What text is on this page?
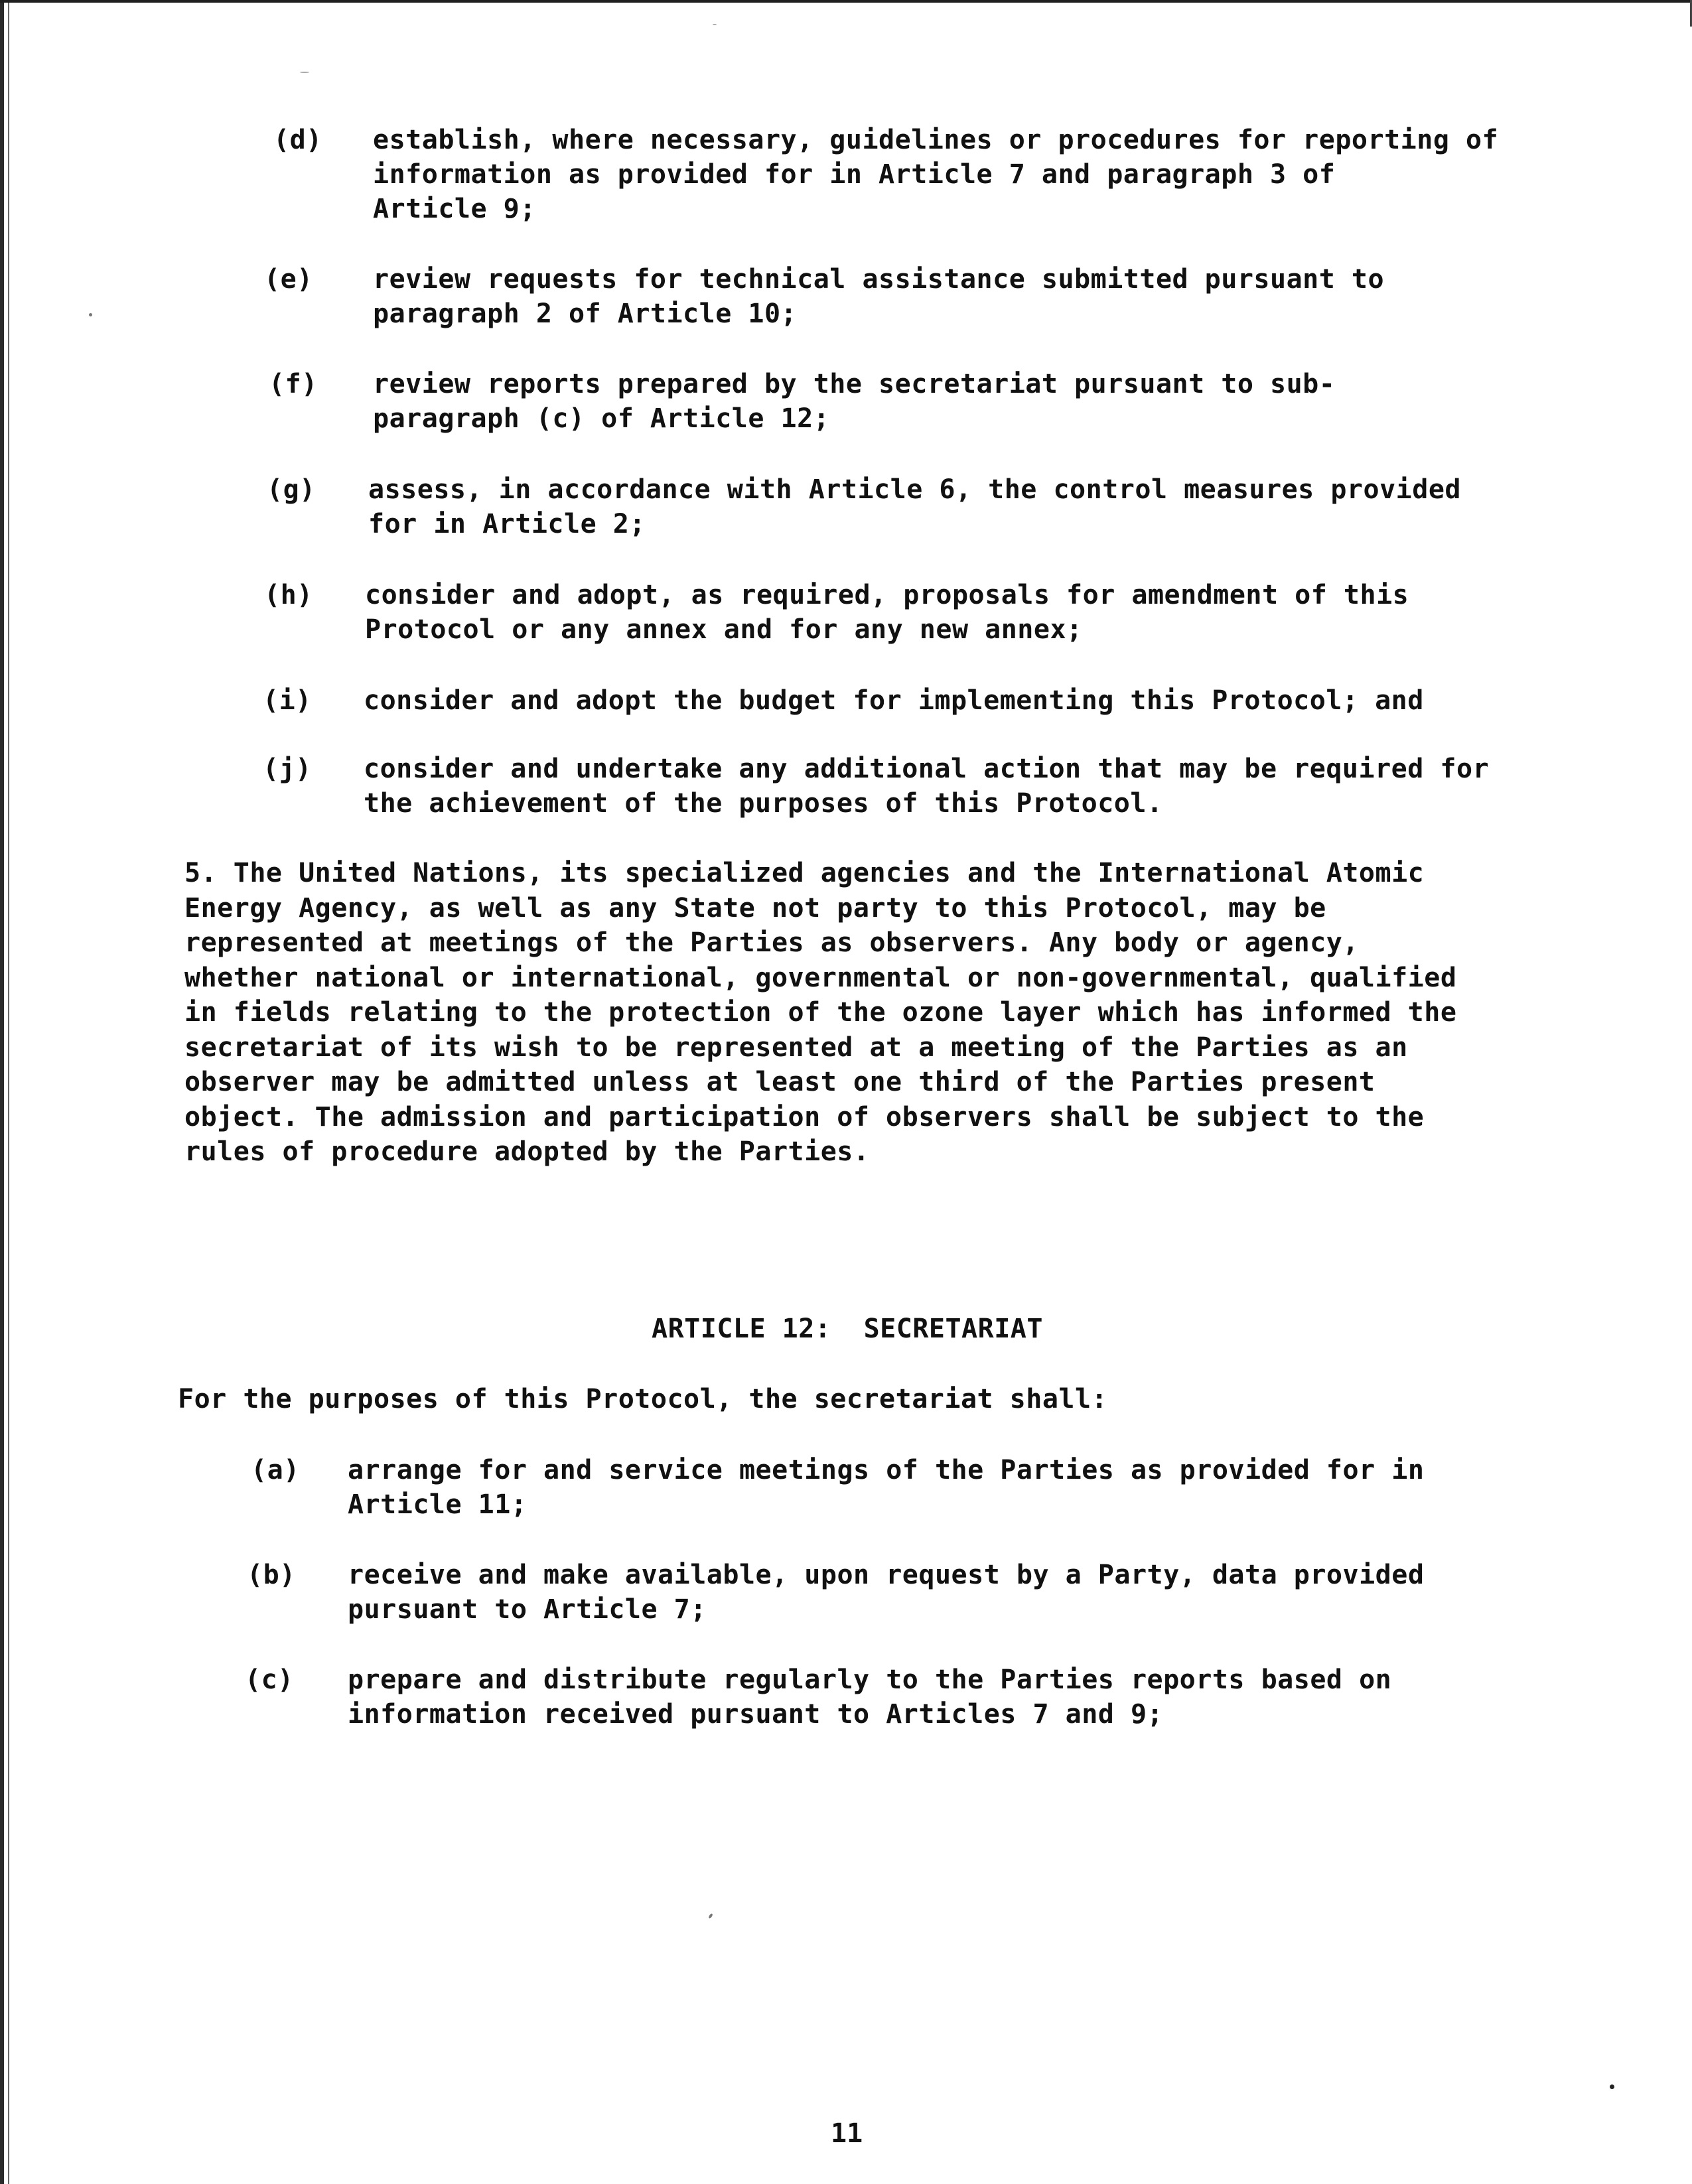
(d) establish, where necessary, guidelines or procedures for reporting of
information as provided for in Article 7 and paragraph 3 of
Article 9;
(e) review requests for technical assistance submitted pursuant to
paragraph 2 of Article 10;
(f) review reports prepared by the secretariat pursuant to sub-
paragraph (c) of Article 12;
(g) assess, in accordance with Article 6, the control measures provided
for in Article 2;
(h) consider and adopt, as required, proposals for amendment of this
Protocol or any annex and for any new annex;
(i) consider and adopt the budget for implementing this Protocol; and
(j) consider and undertake any additional action that may be required for
the achievement of the purposes of this Protocol.
5. The United Nations, its specialized agencies and the International Atomic
Energy Agency, as well as any State not party to this Protocol, may be
represented at meetings of the Parties as observers. Any body or agency,
whether national or international, governmental or non-governmental, qualified
in fields relating to the protection of the ozone layer which has informed the
secretariat of its wish to be represented at a meeting of the Parties as an
observer may be admitted unless at least one third of the Parties present
object. The admission and participation of observers shall be subject to the
rules of procedure adopted by the Parties.
ARTICLE 12:  SECRETARIAT
For the purposes of this Protocol, the secretariat shall:
(a) arrange for and service meetings of the Parties as provided for in
Article 11;
(b) receive and make available, upon request by a Party, data provided
pursuant to Article 7;
(c) prepare and distribute regularly to the Parties reports based on
information received pursuant to Articles 7 and 9;
11
